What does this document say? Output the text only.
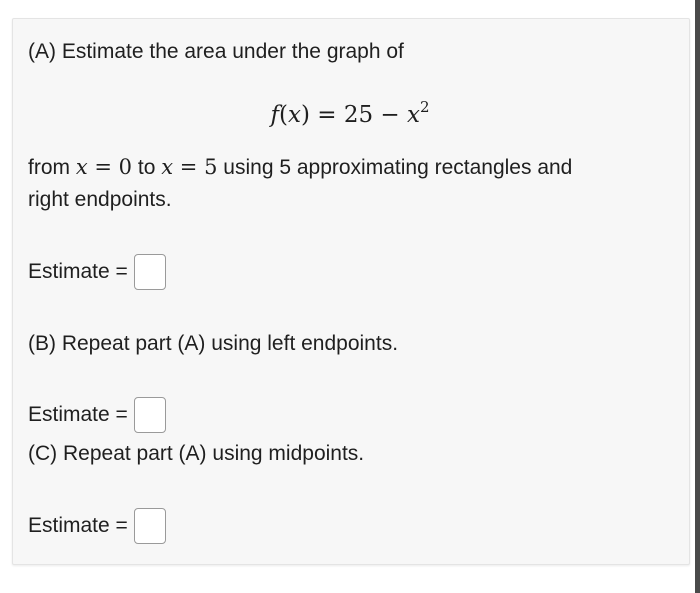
(A) Estimate the area under the graph of
$f(x) = 25 - x^2$
from x = 0 to x = 5 using 5 approximating rectangles and
right endpoints.
Estimate =
(B) Repeat part (A) using left endpoints.
Estimate =
(C) Repeat part (A) using midpoints.
Estimate =
